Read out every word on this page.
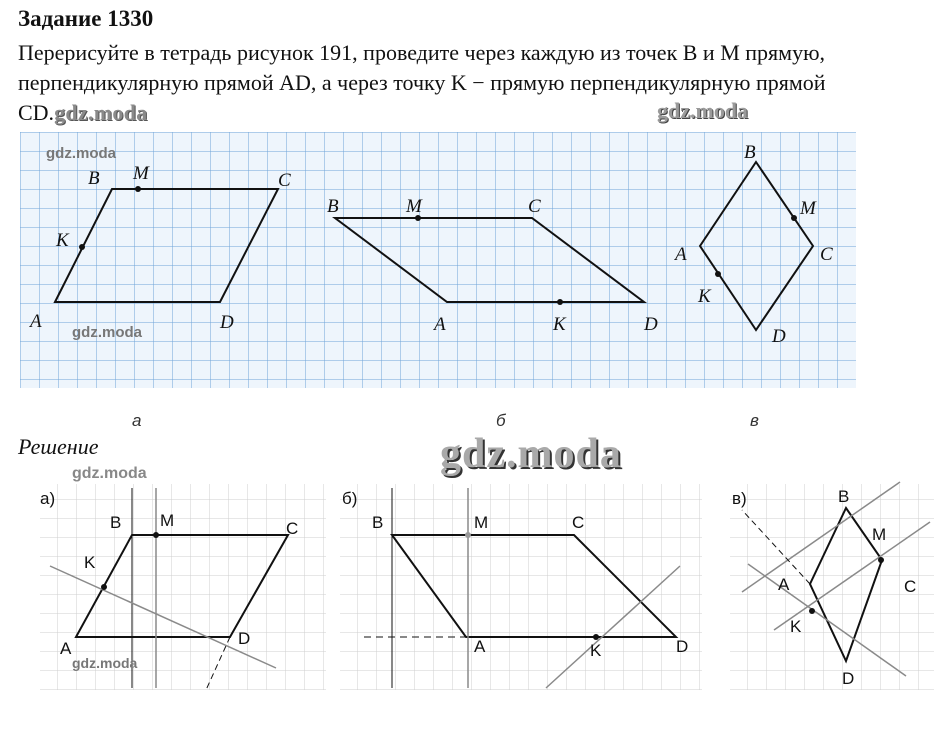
Задание 1330
Перерисуйте в тетрадь рисунок 191, проведите через каждую из точек B и M прямую, перпендикулярную прямой AD, а через точку K − прямую перпендикулярную прямой CD.gdz.moda	gdz.moda
A
B	C
D
M
K
B	C
A	D
M
K
B
C
A
D
M
K
а	б	в
gdz.moda
gdz.moda
Решение	gdz.moda
а)
B M	C
K
A
D
gdz.moda
gdz.moda
б)
B	M	C
A	K	D
в)	B
M
C
A
K
D
